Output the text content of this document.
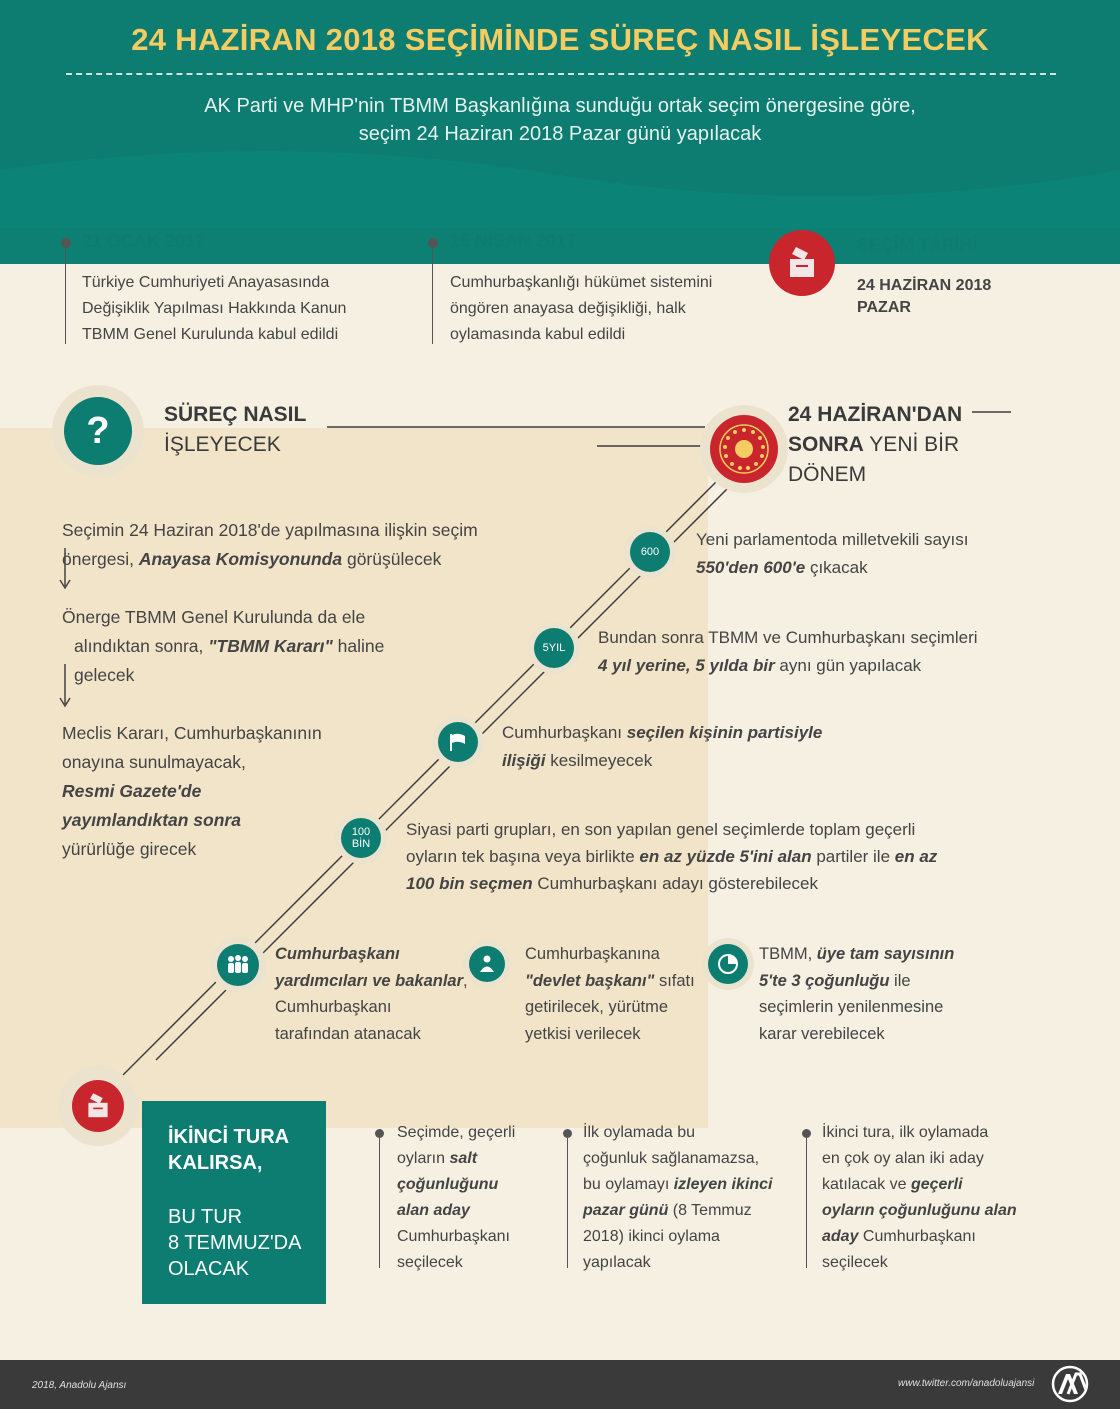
24 HAZİRAN 2018 SEÇİMİNDE SÜREÇ NASIL İŞLEYECEK
AK Parti ve MHP'nin TBMM Başkanlığına sunduğu ortak seçim önergesine göre,
seçim 24 Haziran 2018 Pazar günü yapılacak
21 OCAK 2017
Türkiye Cumhuriyeti Anayasasında
Değişiklik Yapılması Hakkında Kanun
TBMM Genel Kurulunda kabul edildi
16 NİSAN 2017
Cumhurbaşkanlığı hükümet sistemini
öngören anayasa değişikliği, halk
oylamasında kabul edildi
SEÇİM TARİHİ
24 HAZİRAN 2018
PAZAR
?	SÜREÇ NASIL
İŞLEYECEK
24 HAZİRAN'DAN
SONRA YENİ BİR
DÖNEM
Seçimin 24 Haziran 2018'de yapılmasına ilişkin seçim
önergesi, Anayasa Komisyonunda görüşülecek
Önerge TBMM Genel Kurulunda da ele
alındıktan sonra, "TBMM Kararı" haline
gelecek
Meclis Kararı, Cumhurbaşkanının
onayına sunulmayacak,
Resmi Gazete'de
yayımlandıktan sonra
yürürlüğe girecek
600
Yeni parlamentoda milletvekili sayısı
550'den 600'e çıkacak
5YIL
Bundan sonra TBMM ve Cumhurbaşkanı seçimleri
4 yıl yerine, 5 yılda bir aynı gün yapılacak
Cumhurbaşkanı seçilen kişinin partisiyle
ilişiği kesilmeyecek
100
BİN
Siyasi parti grupları, en son yapılan genel seçimlerde toplam geçerli
oyların tek başına veya birlikte en az yüzde 5'ini alan partiler ile en az
100 bin seçmen Cumhurbaşkanı adayı gösterebilecek
Cumhurbaşkanı
yardımcıları ve bakanlar,
Cumhurbaşkanı
tarafından atanacak
Cumhurbaşkanına
"devlet başkanı" sıfatı
getirilecek, yürütme
yetkisi verilecek
TBMM, üye tam sayısının
5'te 3 çoğunluğu ile
seçimlerin yenilenmesine
karar verebilecek
İKİNCİ TURA
KALIRSA,
BU TUR
8 TEMMUZ'DA
OLACAK
Seçimde, geçerli
oyların salt
çoğunluğunu
alan aday
Cumhurbaşkanı
seçilecek
İlk oylamada bu
çoğunluk sağlanamazsa,
bu oylamayı izleyen ikinci
pazar günü (8 Temmuz
2018) ikinci oylama
yapılacak
İkinci tura, ilk oylamada
en çok oy alan iki aday
katılacak ve geçerli
oyların çoğunluğunu alan
aday Cumhurbaşkanı
seçilecek
2018, Anadolu Ajansı	www.twitter.com/anadoluajansi
